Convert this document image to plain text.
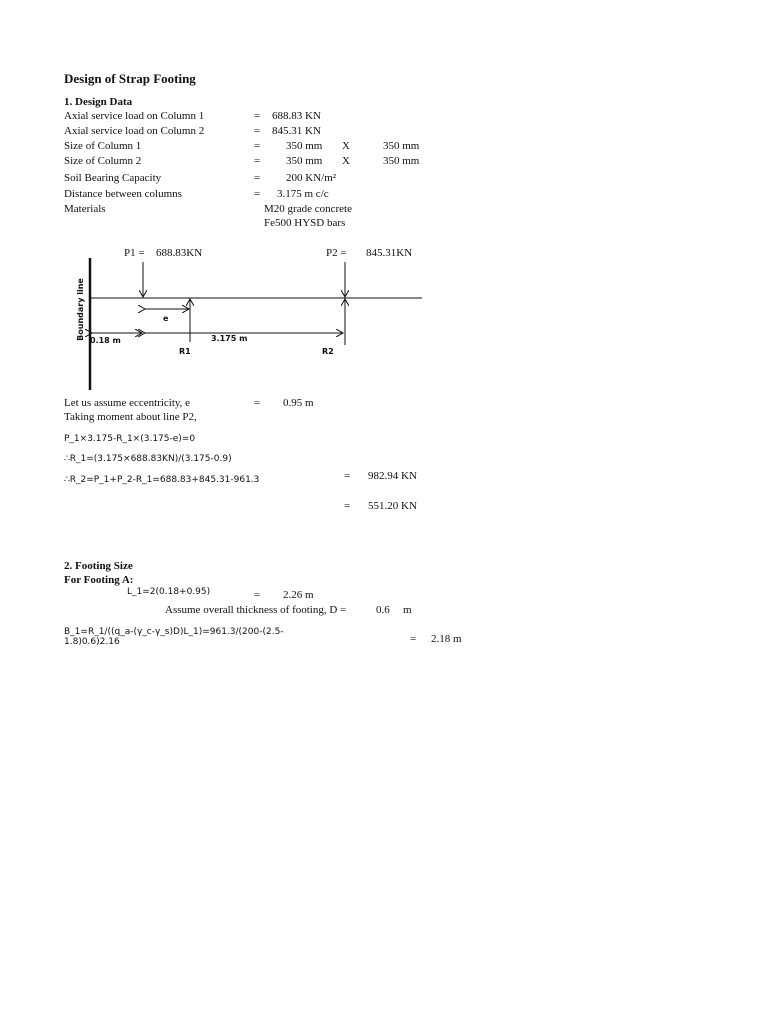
Design of Strap Footing
1. Design Data
Axial service load on Column 1	= 688.83 KN
Axial service load on Column 2	= 845.31 KN
Size of Column 1	= 350 mm X	350 mm
Size of Column 2	= 350 mm X	350 mm
Soil Bearing Capacity	= 200 KN/m²
Distance between columns	= 3.175 m c/c
Materials	M20 grade concrete
Fe500 HYSD bars
P1 = 688.83KN	P2 = 845.31KN
Boundary line	e
0.18 m	3.175 m
R1	R2
Let us assume eccentricity, e	= 0.95 m
Taking moment about line P2,
P_1×3.175-R_1×(3.175-e)=0
∴R_1=(3.175×688.83KN)/(3.175-0.9)
= 982.94 KN
∴R_2=P_1+P_2-R_1=688.83+845.31-961.3
= 551.20 KN
2. Footing Size
For Footing A:
L_1=2(0.18+0.95)	= 2.26 m
Assume overall thickness of footing, D =	0.6 m
B_1=R_1/((q_a-(γ_c-γ_s)D)L_1)=961.3/(200-(2.5-
1.8)0.6)2.16	= 2.18 m
